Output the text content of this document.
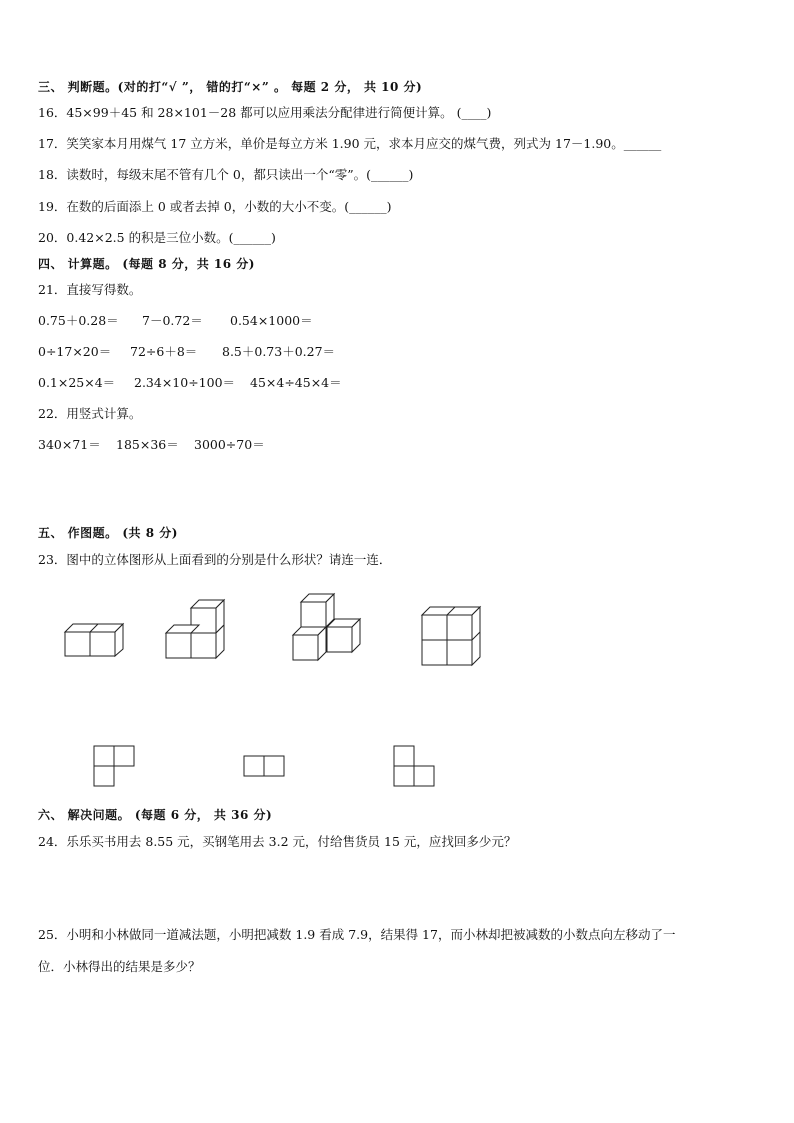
三、 判断题。(对的打“√ ”， 错的打“×” 。 每题 2 分， 共 10 分)
16．45×99＋45 和 28×101－28 都可以应用乘法分配律进行简便计算。 (____)
17．笑笑家本月用煤气 17 立方米，单价是每立方米 1.90 元，求本月应交的煤气费，列式为 17－1.90。______
18．读数时，每级末尾不管有几个 0，都只读出一个“零”。(______)
19．在数的后面添上 0 或者去掉 0，小数的大小不变。(______)
20．0.42×2.5 的积是三位小数。(______)
四、 计算题。 (每题 8 分，共 16 分)
21．直接写得数。
0.75＋0.28＝ 7－0.72＝ 0.54×1000＝
0÷17×20＝ 72÷6＋8＝ 8.5＋0.73＋0.27＝
0.1×25×4＝ 2.34×10÷100＝ 45×4÷45×4＝
22．用竖式计算。
340×71＝ 185×36＝ 3000÷70＝
五、 作图题。 (共 8 分)
23．图中的立体图形从上面看到的分别是什么形状？请连一连．
六、 解决问题。 (每题 6 分， 共 36 分)
24．乐乐买书用去 8.55 元，买钢笔用去 3.2 元，付给售货员 15 元，应找回多少元？
25．小明和小林做同一道减法题，小明把减数 1.9 看成 7.9，结果得 17，而小林却把被减数的小数点向左移动了一
位．小林得出的结果是多少？
